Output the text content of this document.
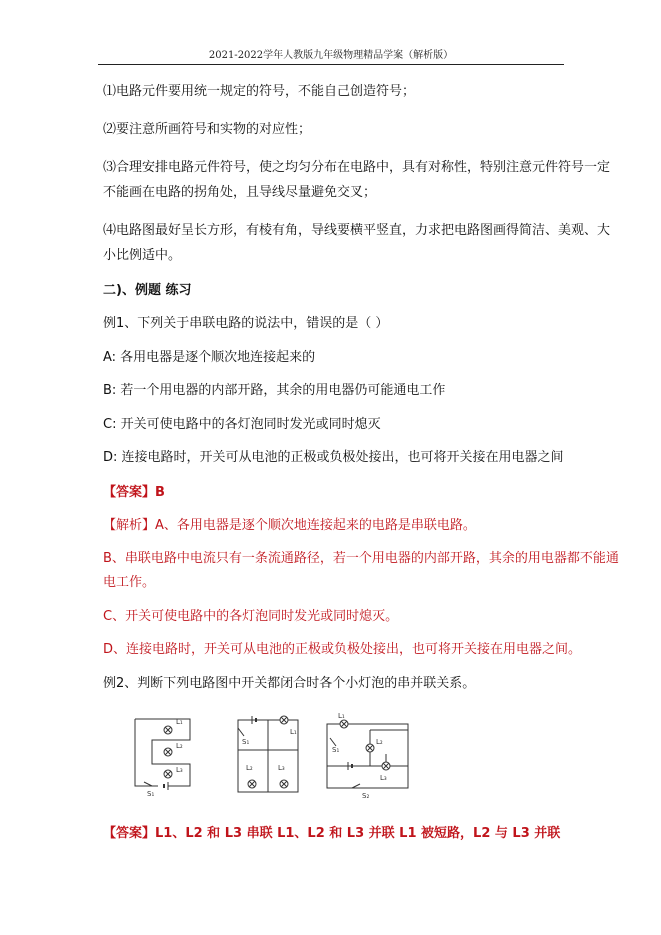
2021-2022学年人教版九年级物理精品学案（解析版）
⑴电路元件要用统一规定的符号，不能自己创造符号；
⑵要注意所画符号和实物的对应性；
⑶合理安排电路元件符号，使之均匀分布在电路中，具有对称性，特别注意元件符号一定
不能画在电路的拐角处，且导线尽量避免交叉；
⑷电路图最好呈长方形，有棱有角，导线要横平竖直，力求把电路图画得简洁、美观、大
小比例适中。
二)、例题 练习
例1、下列关于串联电路的说法中，错误的是（ ）
A: 各用电器是逐个顺次地连接起来的
B: 若一个用电器的内部开路，其余的用电器仍可能通电工作
C: 开关可使电路中的各灯泡同时发光或同时熄灭
D: 连接电路时，开关可从电池的正极或负极处接出，也可将开关接在用电器之间
【答案】B
【解析】A、各用电器是逐个顺次地连接起来的电路是串联电路。
B、串联电路中电流只有一条流通路径，若一个用电器的内部开路，其余的用电器都不能通
电工作。
C、开关可使电路中的各灯泡同时发光或同时熄灭。
D、连接电路时，开关可从电池的正极或负极处接出，也可将开关接在用电器之间。
例2、判断下列电路图中开关都闭合时各个小灯泡的串并联关系。
L₁
L₂
L₃
S₁
S₁
L₁
L₂	L₃
L₁
S₁
L₂
L₃
S₂
【答案】L1、L2 和 L3 串联 L1、L2 和 L3 并联 L1 被短路，L2 与 L3 并联
